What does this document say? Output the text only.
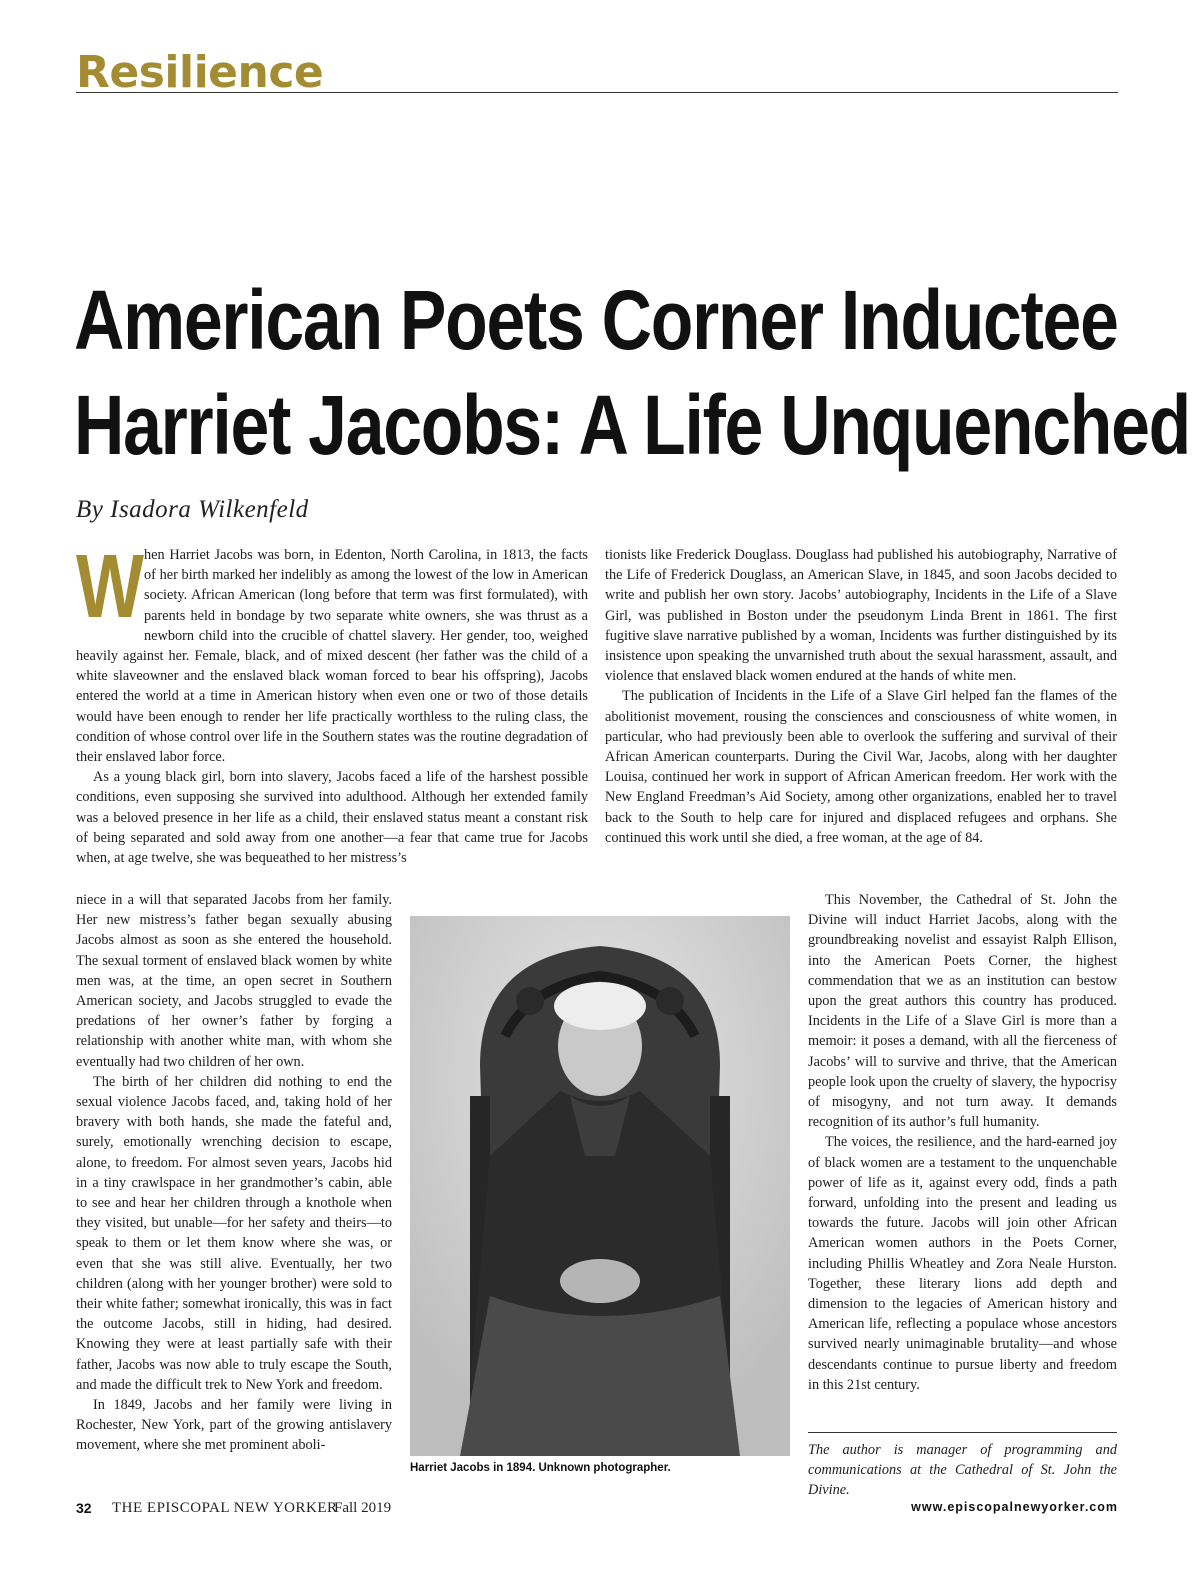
Resilience
American Poets Corner Inductee
Harriet Jacobs: A Life Unquenched

By Isadora Wilkenfeld

W hen Harriet Jacobs was born, in Edenton, North Carolina, in 1813, the facts of her birth marked her indelibly as among the lowest of the low in American society. African American (long before that term was first formulated), with parents held in bondage by two separate white owners, she was thrust as a newborn child into the crucible of chattel slavery. Her gender, too, weighed heavily against her. Female, black, and of mixed descent (her father was the child of a white slaveowner and the enslaved black woman forced to bear his offspring), Jacobs entered the world at a time in American history when even one or two of those details would have been enough to render her life practically worthless to the ruling class, the condition of whose control over life in the Southern states was the routine degradation of their enslaved labor force.

As a young black girl, born into slavery, Jacobs faced a life of the harshest possible conditions, even supposing she survived into adulthood. Although her extended family was a beloved presence in her life as a child, their enslaved status meant a constant risk of being separated and sold away from one another—a fear that came true for Jacobs when, at age twelve, she was bequeathed to her mistress’s

niece in a will that separated Jacobs from her family. Her new mistress’s father began sexually abusing Jacobs almost as soon as she entered the household. The sexual torment of enslaved black women by white men was, at the time, an open secret in Southern American society, and Jacobs struggled to evade the predations of her owner’s father by forging a relationship with another white man, with whom she eventually had two children of her own.

The birth of her children did nothing to end the sexual violence Jacobs faced, and, taking hold of her bravery with both hands, she made the fateful and, surely, emotionally wrenching decision to escape, alone, to freedom. For almost seven years, Jacobs hid in a tiny crawlspace in her grandmother’s cabin, able to see and hear her children through a knothole when they visited, but unable—for her safety and theirs—to speak to them or let them know where she was, or even that she was still alive. Eventually, her two children (along with her younger brother) were sold to their white father; somewhat ironically, this was in fact the outcome Jacobs, still in hiding, had desired. Knowing they were at least partially safe with their father, Jacobs was now able to truly escape the South, and made the difficult trek to New York and freedom.

In 1849, Jacobs and her family were living in Rochester, New York, part of the growing antislavery movement, where she met prominent aboli-

tionists like Frederick Douglass. Douglass had published his autobiography, Narrative of the Life of Frederick Douglass, an American Slave, in 1845, and soon Jacobs decided to write and publish her own story. Jacobs’ autobiography, Incidents in the Life of a Slave Girl, was published in Boston under the pseudonym Linda Brent in 1861. The first fugitive slave narrative published by a woman, Incidents was further distinguished by its insistence upon speaking the unvarnished truth about the sexual harassment, assault, and violence that enslaved black women endured at the hands of white men.

The publication of Incidents in the Life of a Slave Girl helped fan the flames of the abolitionist movement, rousing the consciences and consciousness of white women, in particular, who had previously been able to overlook the suffering and survival of their African American counterparts. During the Civil War, Jacobs, along with her daughter Louisa, continued her work in support of African American freedom. Her work with the New England Freedman’s Aid Society, among other organizations, enabled her to travel back to the South to help care for injured and displaced refugees and orphans. She continued this work until she died, a free woman, at the age of 84.

This November, the Cathedral of St. John the Divine will induct Harriet Jacobs, along with the groundbreaking novelist and essayist Ralph Ellison, into the American Poets Corner, the highest commendation that we as an institution can bestow upon the great authors this country has produced. Incidents in the Life of a Slave Girl is more than a memoir: it poses a demand, with all the fierceness of Jacobs’ will to survive and thrive, that the American people look upon the cruelty of slavery, the hypocrisy of misogyny, and not turn away. It demands recognition of its author’s full humanity.

The voices, the resilience, and the hard-earned joy of black women are a testament to the unquenchable power of life as it, against every odd, finds a path forward, unfolding into the present and leading us towards the future. Jacobs will join other African American women authors in the Poets Corner, including Phillis Wheatley and Zora Neale Hurston. Together, these literary lions add depth and dimension to the legacies of American history and American life, reflecting a populace whose ancestors survived nearly unimaginable brutality—and whose descendants continue to pursue liberty and freedom in this 21st century.

Harriet Jacobs in 1894. Unknown photographer.

The author is manager of programming and communications at the Cathedral of St. John the Divine.

32 THE EPISCOPAL NEW YORKER
Fall 2019	www.episcopalnewyorker.com
